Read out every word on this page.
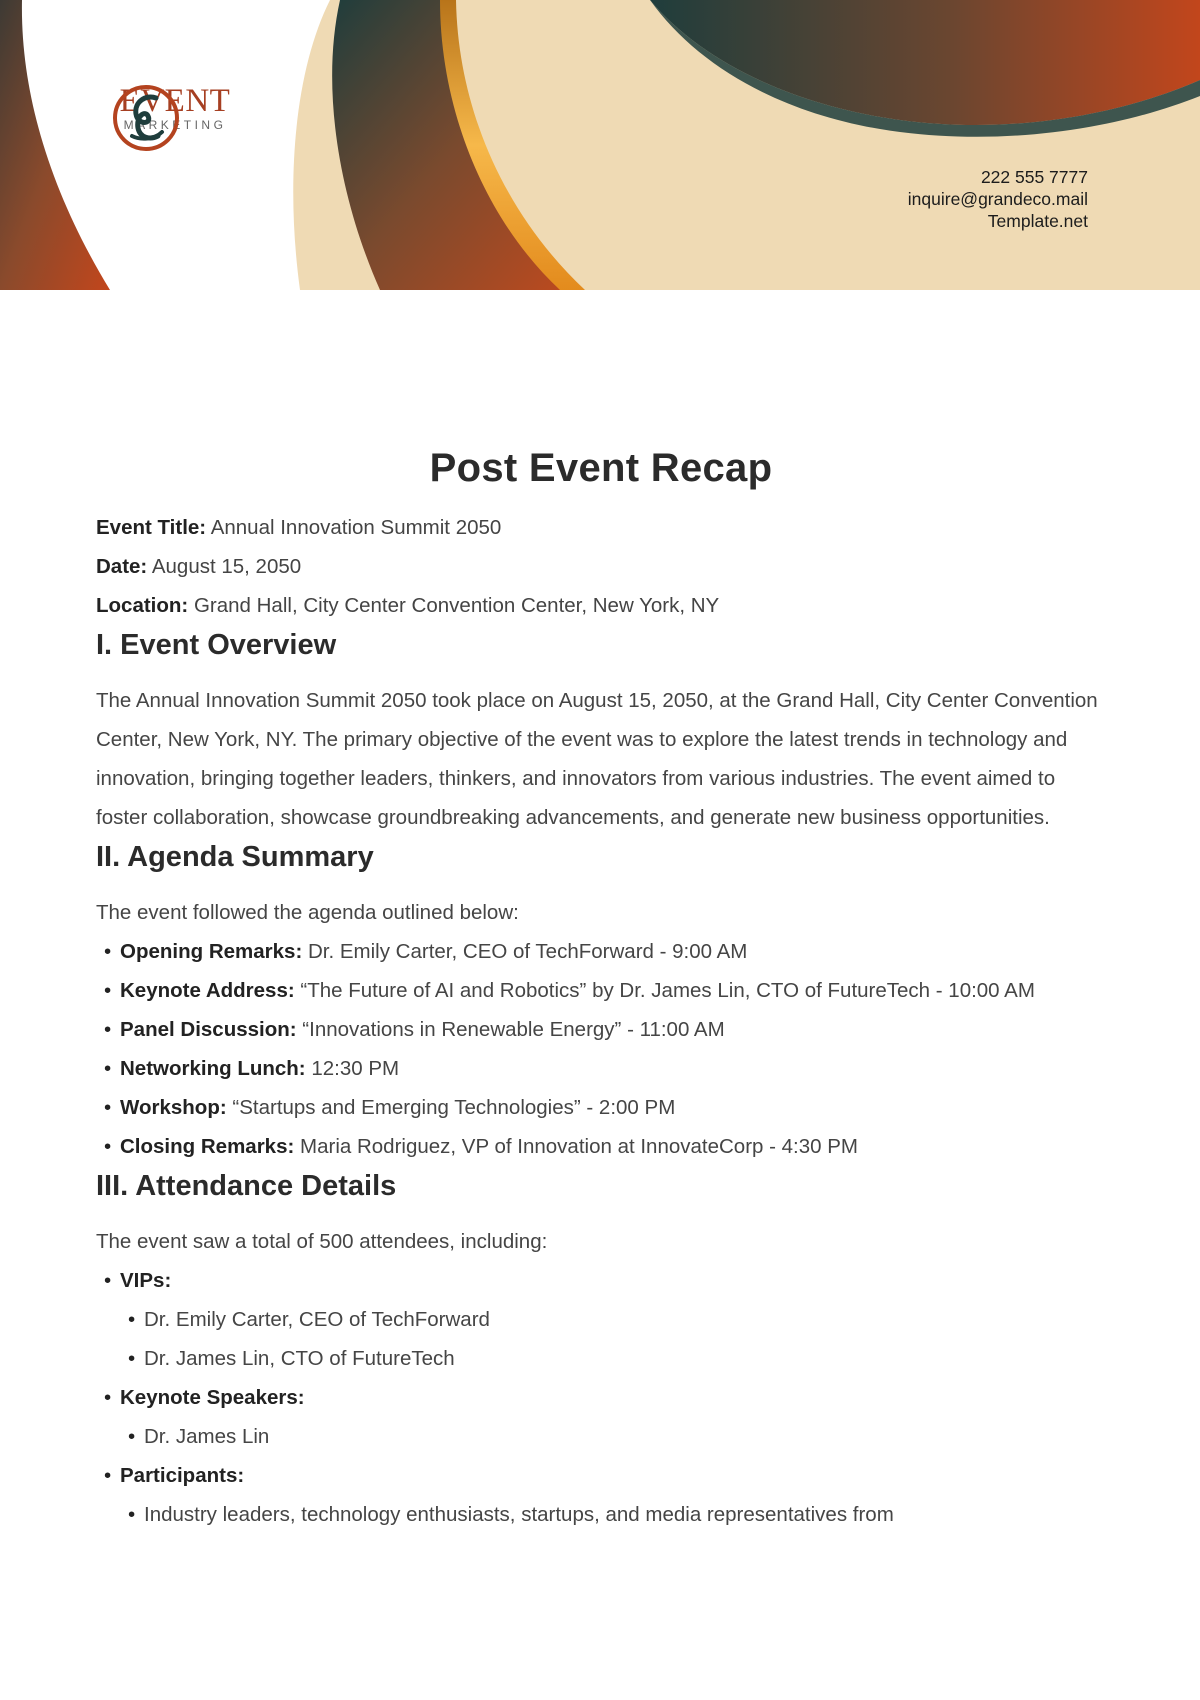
EVENT
MARKETING
222 555 7777
inquire@grandeco.mail
Template.net
Post Event Recap
Event Title: Annual Innovation Summit 2050
Date: August 15, 2050
Location: Grand Hall, City Center Convention Center, New York, NY
I. Event Overview

The Annual Innovation Summit 2050 took place on August 15, 2050, at the Grand Hall, City Center Convention Center, New York, NY. The primary objective of the event was to explore the latest trends in technology and innovation, bringing together leaders, thinkers, and innovators from various industries. The event aimed to foster collaboration, showcase groundbreaking advancements, and generate new business opportunities.

II. Agenda Summary

The event followed the agenda outlined below:

• Opening Remarks: Dr. Emily Carter, CEO of TechForward - 9:00 AM
• Keynote Address: “The Future of AI and Robotics” by Dr. James Lin, CTO of FutureTech - 10:00 AM
• Panel Discussion: “Innovations in Renewable Energy” - 11:00 AM
• Networking Lunch: 12:30 PM
• Workshop: “Startups and Emerging Technologies” - 2:00 PM
• Closing Remarks: Maria Rodriguez, VP of Innovation at InnovateCorp - 4:30 PM
III. Attendance Details

The event saw a total of 500 attendees, including:

• VIPs:
• Dr. Emily Carter, CEO of TechForward
• Dr. James Lin, CTO of FutureTech
• Keynote Speakers:
• Dr. James Lin
• Participants:
• Industry leaders, technology enthusiasts, startups, and media representatives from
